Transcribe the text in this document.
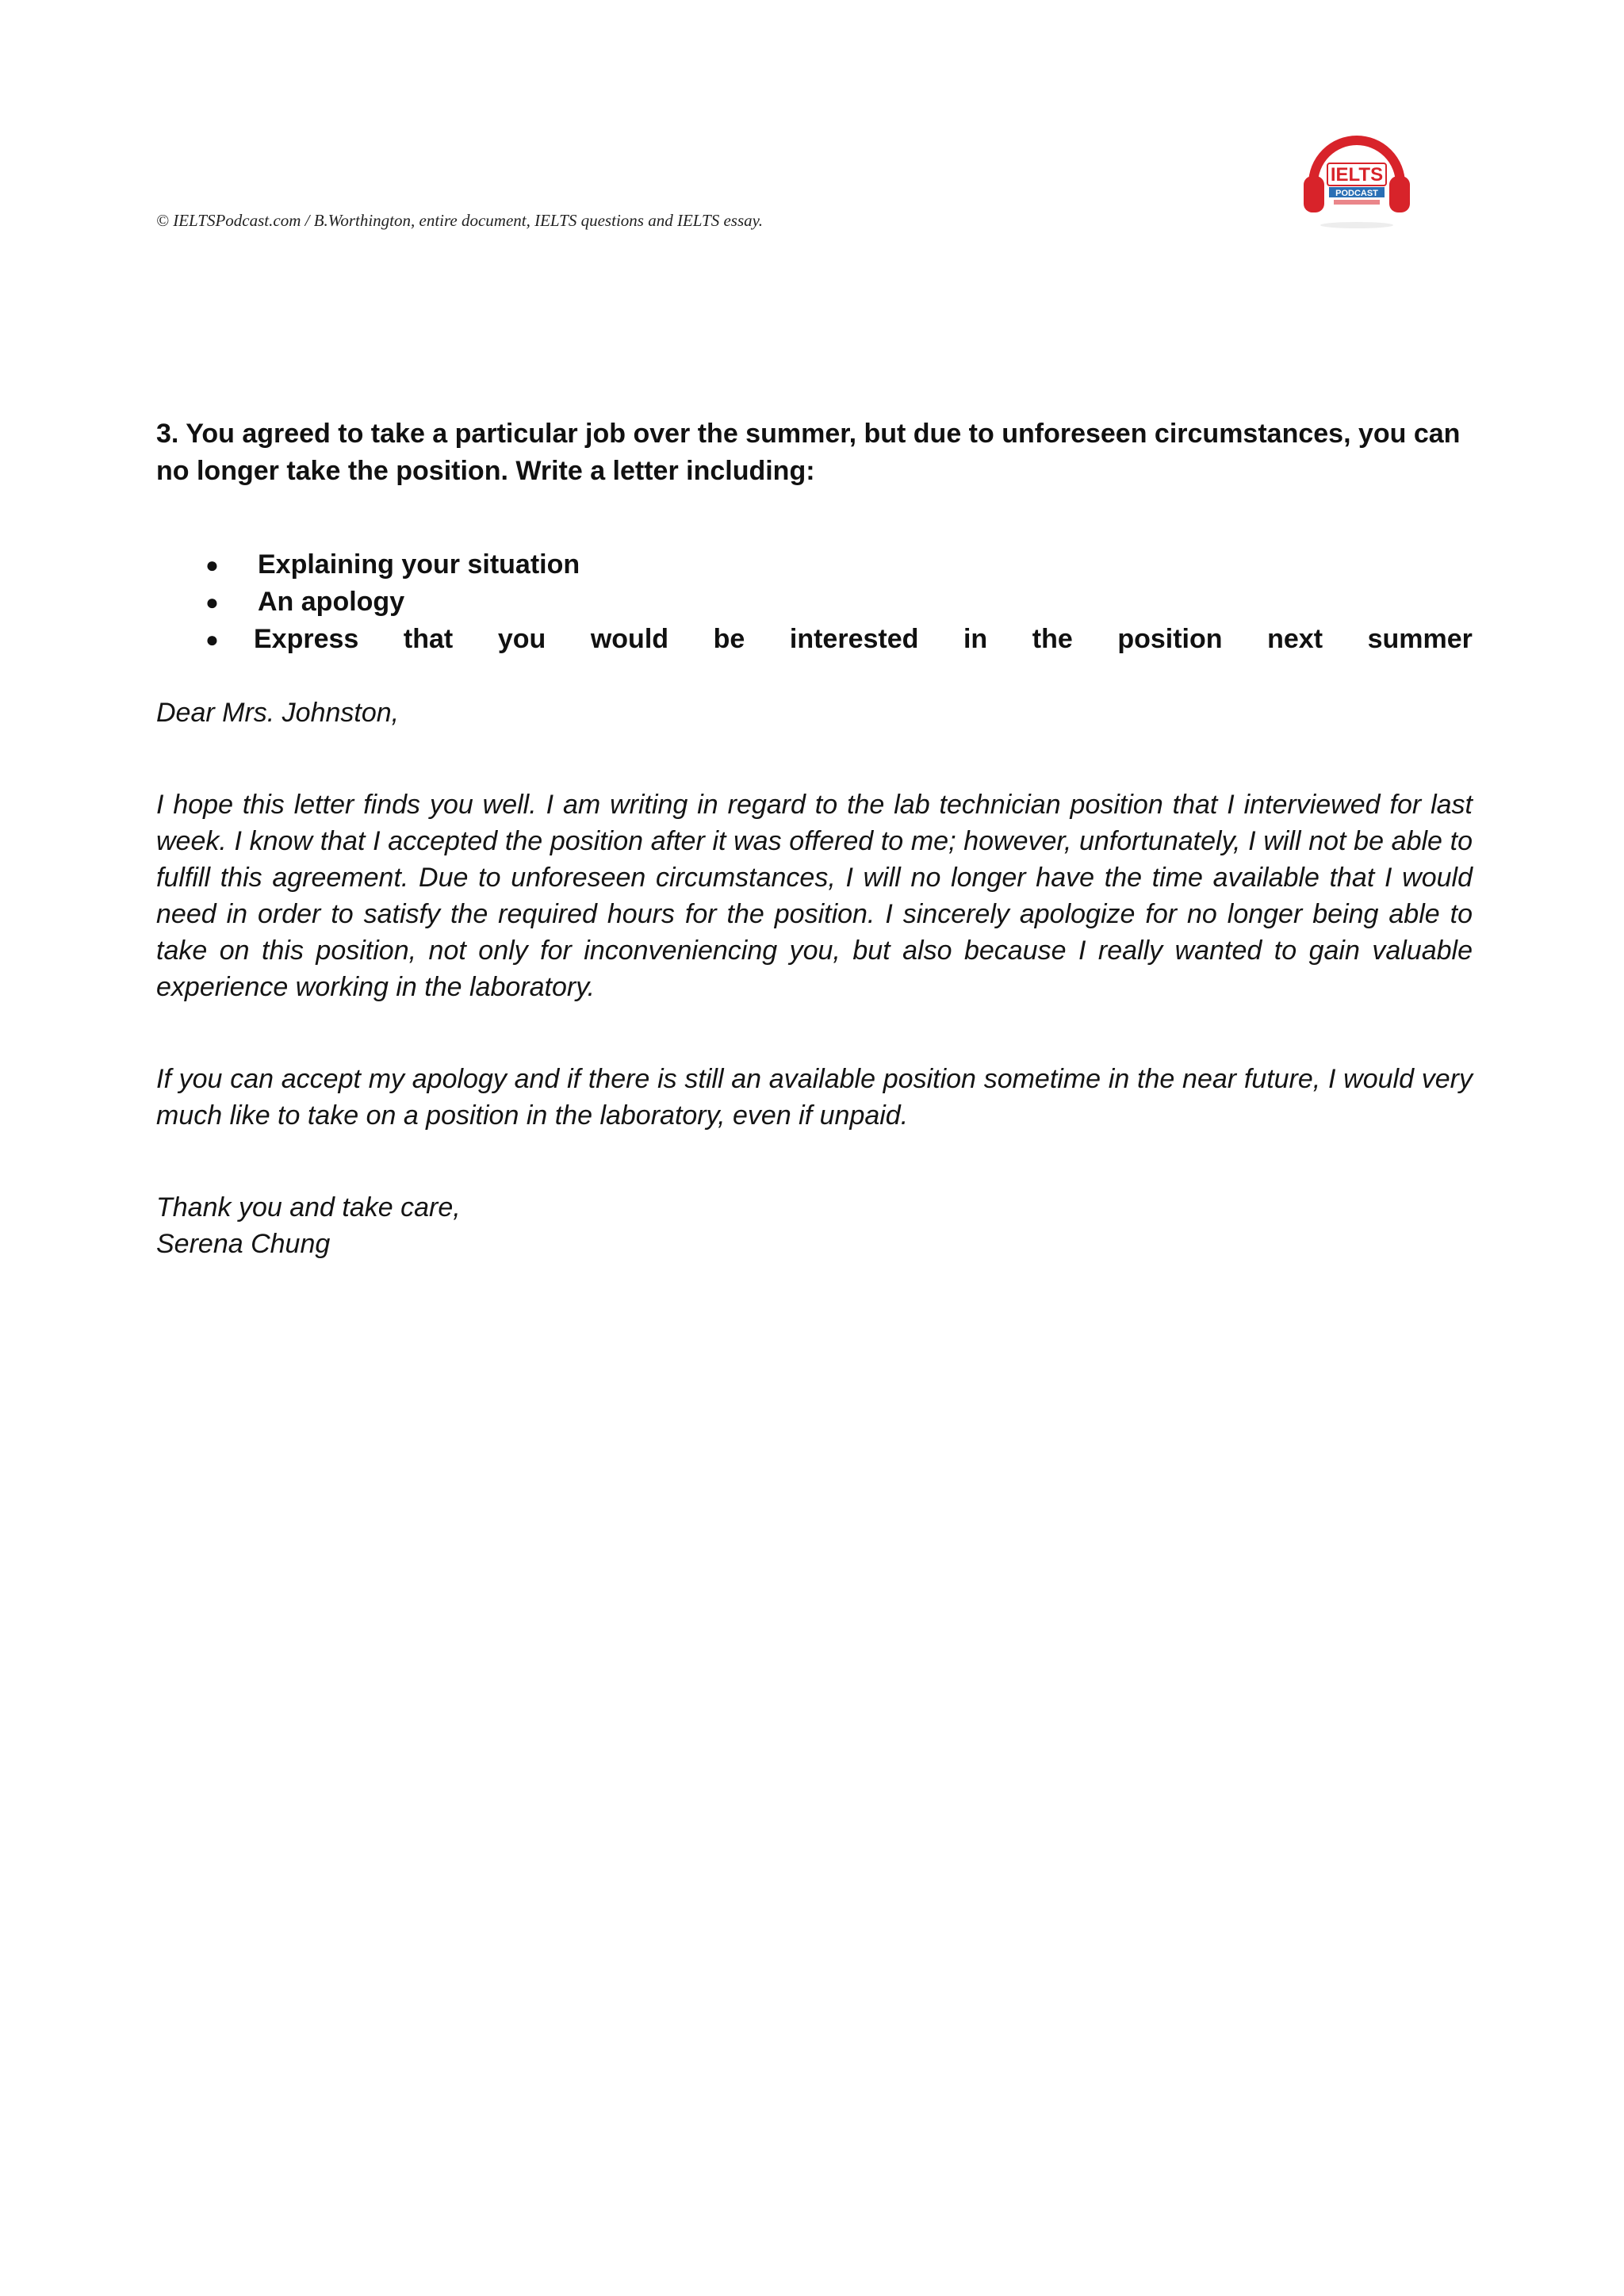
© IELTSPodcast.com / B.Worthington, entire document, IELTS questions and IELTS essay.
IELTS
PODCAST

3. You agreed to take a particular job over the summer, but due to unforeseen circumstances, you can no longer take the position. Write a letter including:

● Explaining your situation
● An apology
● Express that you would be interested in the position next summer

Dear Mrs. Johnston,

I hope this letter finds you well. I am writing in regard to the lab technician position that I interviewed for last week. I know that I accepted the position after it was offered to me; however, unfortunately, I will not be able to fulfill this agreement. Due to unforeseen circumstances, I will no longer have the time available that I would need in order to satisfy the required hours for the position. I sincerely apologize for no longer being able to take on this position, not only for inconveniencing you, but also because I really wanted to gain valuable experience working in the laboratory.

If you can accept my apology and if there is still an available position sometime in the near future, I would very much like to take on a position in the laboratory, even if unpaid.

Thank you and take care,

Serena Chung
